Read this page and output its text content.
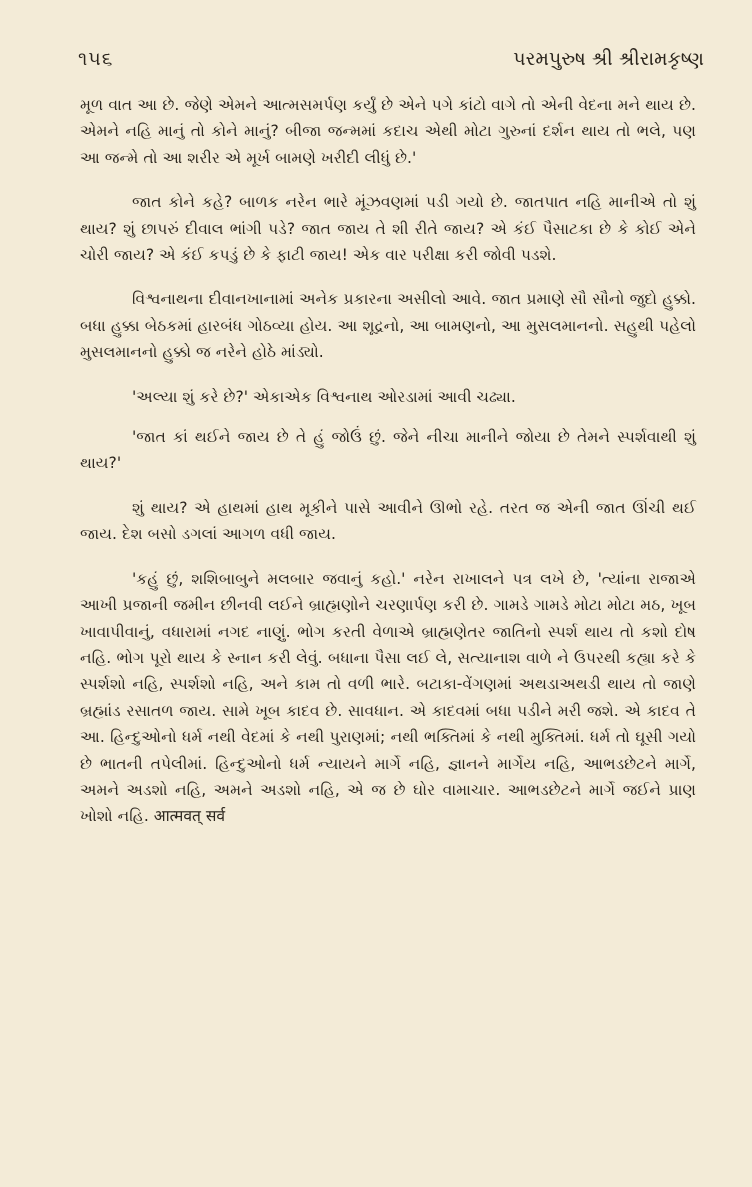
૧૫૬	પરમપુરુષ શ્રી શ્રીરામકૃષ્ણ

મૂળ વાત આ છે. જેણે એમને આત્મસમર્પણ કર્યું છે એને પગે કાંટો વાગે તો એની વેદના મને થાય છે. એમને નહિ માનું તો કોને માનું? બીજા જન્મમાં કદાચ એથી મોટા ગુરુનાં દર્શન થાય તો ભલે, પણ આ જન્મે તો આ શરીર એ મૂર્ખ બામણે ખરીદી લીધું છે.'

જાત કોને કહે? બાળક નરેન ભારે મૂંઝવણમાં પડી ગયો છે. જાતપાત નહિ માનીએ તો શું થાય? શું છાપરું દીવાલ ભાંગી પડે? જાત જાય તે શી રીતે જાય? એ કંઈ પૈસાટકા છે કે કોઈ એને ચોરી જાય? એ કંઈ કપડું છે કે ફાટી જાય! એક વાર પરીક્ષા કરી જોવી પડશે.

વિશ્વનાથના દીવાનખાનામાં અનેક પ્રકારના અસીલો આવે. જાત પ્રમાણે સૌ સૌનો જુદો હુક્કો. બધા હુક્કા બેઠકમાં હારબંધ ગોઠવ્યા હોય. આ શૂદ્રનો, આ બામણનો, આ મુસલમાનનો. સહુથી પહેલો મુસલમાનનો હુક્કો જ નરેને હોઠે માંડ્યો.

'અલ્યા શું કરે છે?' એકાએક વિશ્વનાથ ઓરડામાં આવી ચઢ્યા.

'જાત કાં થઈને જાય છે તે હું જોઉં છું. જેને નીચા માનીને જોયા છે તેમને સ્પર્શવાથી શું થાય?'

શું થાય? એ હાથમાં હાથ મૂકીને પાસે આવીને ઊભો રહે. તરત જ એની જાત ઊંચી થઈ જાય. દેશ બસો ડગલાં આગળ વધી જાય.

'કહું છું, શશિબાબુને મલબાર જવાનું કહો.' નરેન રાખાલને પત્ર લખે છે, 'ત્યાંના રાજાએ આખી પ્રજાની જમીન છીનવી લઈને બ્રાહ્મણોને ચરણાર્પણ કરી છે. ગામડે ગામડે મોટા મોટા મઠ, ખૂબ ખાવાપીવાનું, વધારામાં નગદ નાણું. ભોગ કરતી વેળાએ બ્રાહ્મણેતર જાતિનો સ્પર્શ થાય તો કશો દોષ નહિ. ભોગ પૂરો થાય કે સ્નાન કરી લેવું. બધાના પૈસા લઈ લે, સત્યાનાશ વાળે ને ઉપરથી કહ્યા કરે કે સ્પર્શશો નહિ, સ્પર્શશો નહિ, અને કામ તો વળી ભારે. બટાકા-વેંગણમાં અથડાઅથડી થાય તો જાણે બ્રહ્માંડ રસાતળ જાય. સામે ખૂબ કાદવ છે. સાવધાન. એ કાદવમાં બધા પડીને મરી જશે. એ કાદવ તે આ. હિન્દુઓનો ધર્મ નથી વેદમાં કે નથી પુરાણમાં; નથી ભક્તિમાં કે નથી મુક્તિમાં. ધર્મ તો ઘૂસી ગયો છે ભાતની તપેલીમાં. હિન્દુઓનો ધર્મ ન્યાયને માર્ગે નહિ, જ્ઞાનને માર્ગેય નહિ, આભડછેટને માર્ગે, અમને અડશો નહિ, અમને અડશો નહિ, એ જ છે ઘોર વામાચાર. આભડછેટને માર્ગે જઈને પ્રાણ ખોશો નહિ. आत्मवत् सर्व
